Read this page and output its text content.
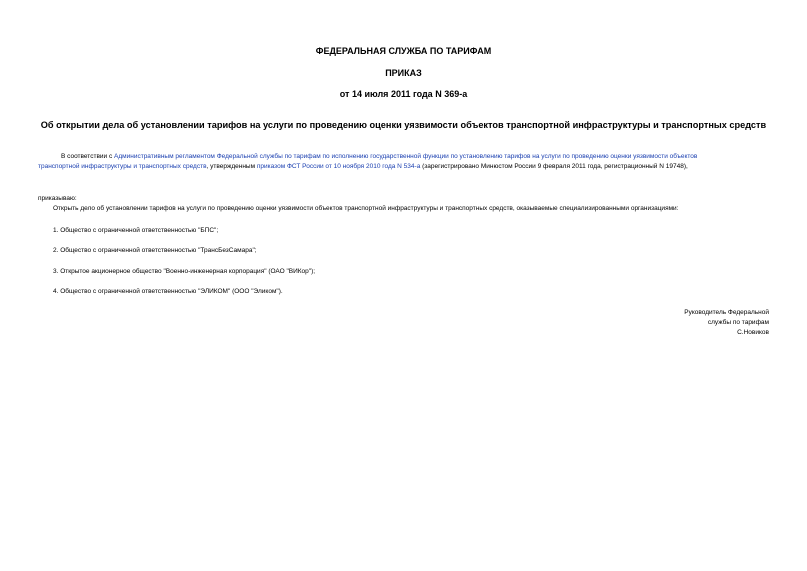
ФЕДЕРАЛЬНАЯ СЛУЖБА ПО ТАРИФАМ
ПРИКАЗ
от 14 июля 2011 года N 369-а
Об открытии дела об установлении тарифов на услуги по проведению оценки уязвимости объектов транспортной инфраструктуры и транспортных средств
В соответствии с Административным регламентом Федеральной службы по тарифам по исполнению государственной функции по установлению тарифов на услуги по проведению оценки уязвимости объектов
транспортной инфраструктуры и транспортных средств, утвержденным приказом ФСТ России от 10 ноября 2010 года N 534-а (зарегистрировано Минюстом России 9 февраля 2011 года, регистрационный N 19748),
приказываю:
Открыть дело об установлении тарифов на услуги по проведению оценки уязвимости объектов транспортной инфраструктуры и транспортных средств, оказываемые специализированными организациями:
1. Общество с ограниченной ответственностью "БПС";
2. Общество с ограниченной ответственностью "ТрансБезСамара";
3. Открытое акционерное общество "Военно-инженерная корпорация" (ОАО "ВИКор");
4. Общество с ограниченной ответственностью "ЭЛИКОМ" (ООО "Эликом").
Руководитель Федеральной
службы по тарифам
С.Новиков
